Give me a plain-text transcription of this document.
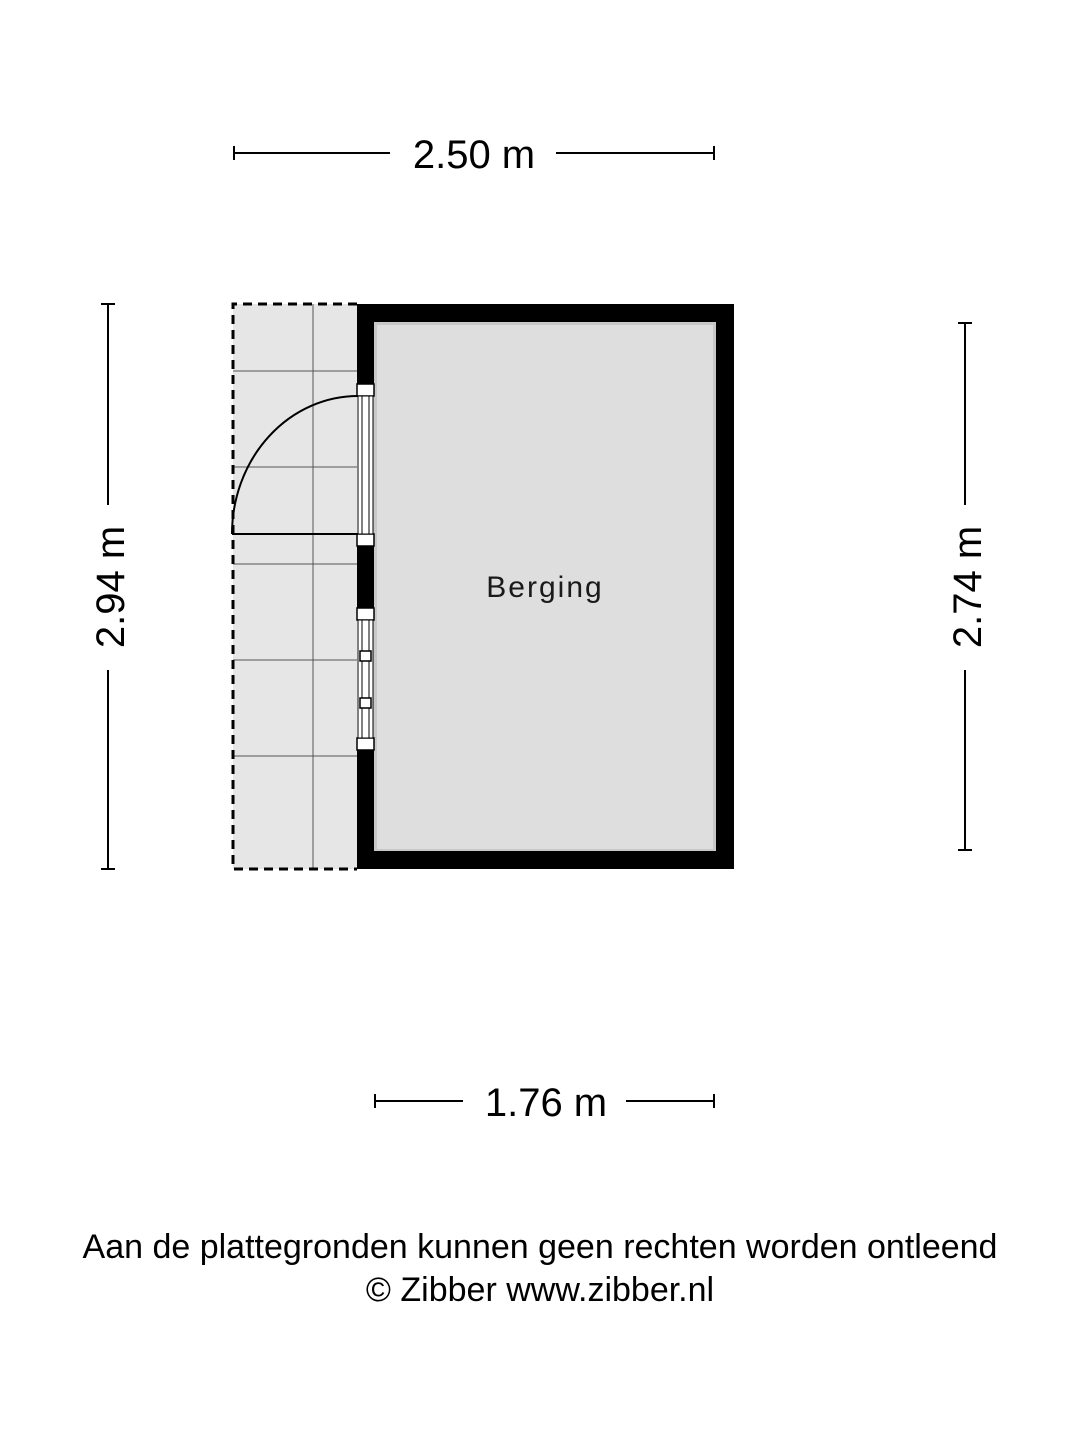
2.50 m
2.94 m	2.74 m
1.76 m
Berging
Aan de plattegronden kunnen geen rechten worden ontleend
© Zibber www.zibber.nl
